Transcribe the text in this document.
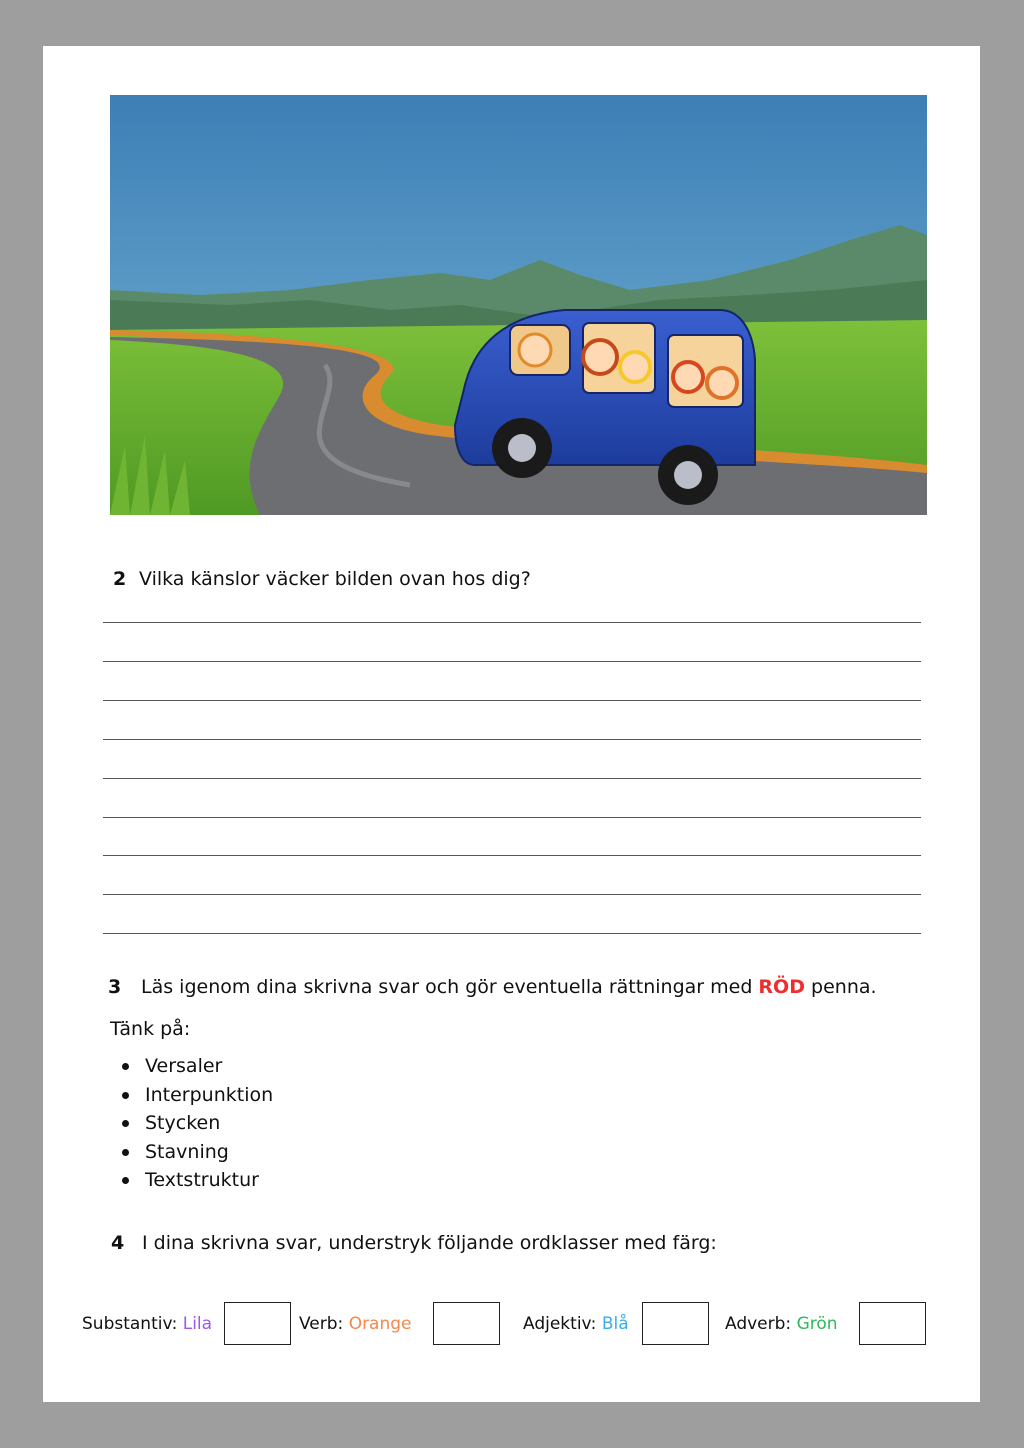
2 Vilka känslor väcker bilden ovan hos dig?
3 Läs igenom dina skrivna svar och gör eventuella rättningar med RÖD penna.
Tänk på:
Versaler
Interpunktion
Stycken
Stavning
Textstruktur
4 I dina skrivna svar, understryk följande ordklasser med färg:
Substantiv: Lila	Verb: Orange	Adjektiv: Blå	Adverb: Grön
